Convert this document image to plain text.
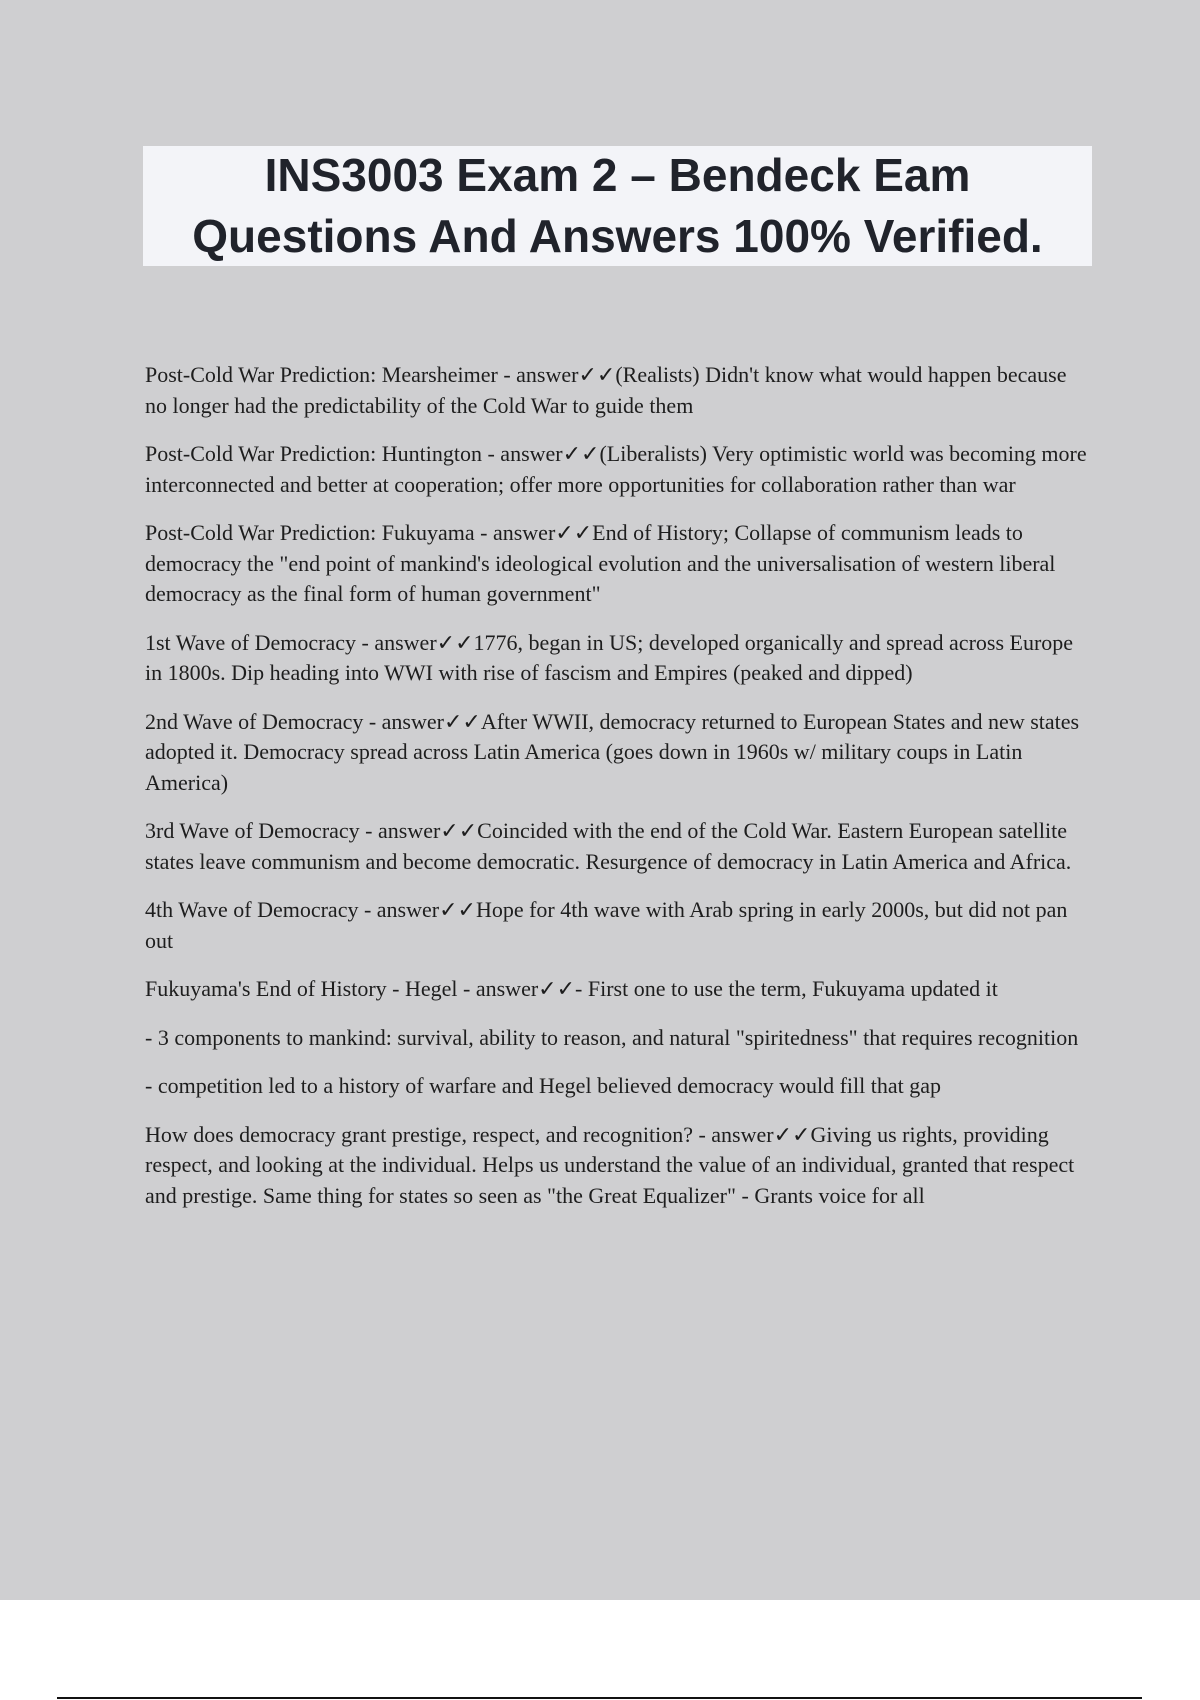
INS3003 Exam 2 – Bendeck Eam
Questions And Answers 100% Verified.

Post-Cold War Prediction: Mearsheimer - answer✓✓(Realists) Didn't know what would happen because no longer had the predictability of the Cold War to guide them

Post-Cold War Prediction: Huntington - answer✓✓(Liberalists) Very optimistic world was becoming more interconnected and better at cooperation; offer more opportunities for collaboration rather than war

Post-Cold War Prediction: Fukuyama - answer✓✓End of History; Collapse of communism leads to democracy the "end point of mankind's ideological evolution and the universalisation of western liberal democracy as the final form of human government"

1st Wave of Democracy - answer✓✓1776, began in US; developed organically and spread across Europe in 1800s. Dip heading into WWI with rise of fascism and Empires (peaked and dipped)

2nd Wave of Democracy - answer✓✓After WWII, democracy returned to European States and new states adopted it. Democracy spread across Latin America (goes down in 1960s w/ military coups in Latin America)

3rd Wave of Democracy - answer✓✓Coincided with the end of the Cold War. Eastern European satellite states leave communism and become democratic. Resurgence of democracy in Latin America and Africa.

4th Wave of Democracy - answer✓✓Hope for 4th wave with Arab spring in early 2000s, but did not pan out

Fukuyama's End of History - Hegel - answer✓✓- First one to use the term, Fukuyama updated it

- 3 components to mankind: survival, ability to reason, and natural "spiritedness" that requires recognition

- competition led to a history of warfare and Hegel believed democracy would fill that gap

How does democracy grant prestige, respect, and recognition? - answer✓✓Giving us rights, providing respect, and looking at the individual. Helps us understand the value of an individual, granted that respect and prestige. Same thing for states so seen as "the Great Equalizer" - Grants voice for all
